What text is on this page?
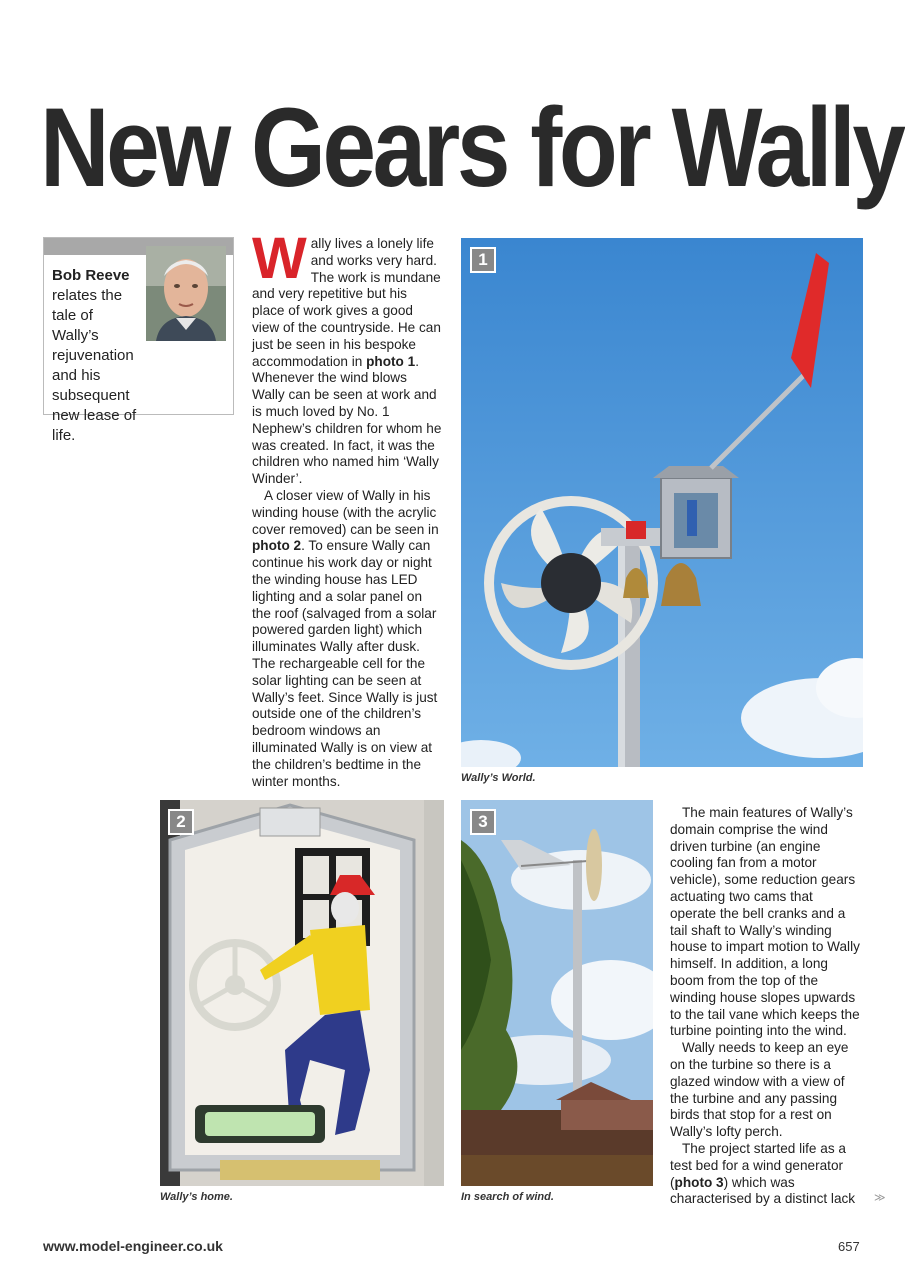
New Gears for Wally
Bob Reeve
relates the tale of Wally’s rejuvenation and his subsequent new lease of life.

Wally lives a lonely life and works very hard. The work is mundane and very repetitive but his place of work gives a good view of the countryside. He can just be seen in his bespoke accommodation in photo 1. Whenever the wind blows Wally can be seen at work and is much loved by No. 1 Nephew’s children for whom he was created. In fact, it was the children who named him ‘Wally Winder’.

A closer view of Wally in his winding house (with the acrylic cover removed) can be seen in photo 2. To ensure Wally can continue his work day or night the winding house has LED lighting and a solar panel on the roof (salvaged from a solar powered garden light) which illuminates Wally after dusk. The rechargeable cell for the solar lighting can be seen at Wally’s feet. Since Wally is just outside one of the children’s bedroom windows an illuminated Wally is on view at the children’s bedtime in the winter months.

1
Wally’s World.
2
Wally’s home.
3
In search of wind.

The main features of Wally’s domain comprise the wind driven turbine (an engine cooling fan from a motor vehicle), some reduction gears actuating two cams that operate the bell cranks and a tail shaft to Wally’s winding house to impart motion to Wally himself. In addition, a long boom from the top of the winding house slopes upwards to the tail vane which keeps the turbine pointing into the wind.

Wally needs to keep an eye on the turbine so there is a glazed window with a view of the turbine and any passing birds that stop for a rest on Wally’s lofty perch.

The project started life as a test bed for a wind generator (photo 3) which was characterised by a distinct lack	≫
www.model-engineer.co.uk	657
